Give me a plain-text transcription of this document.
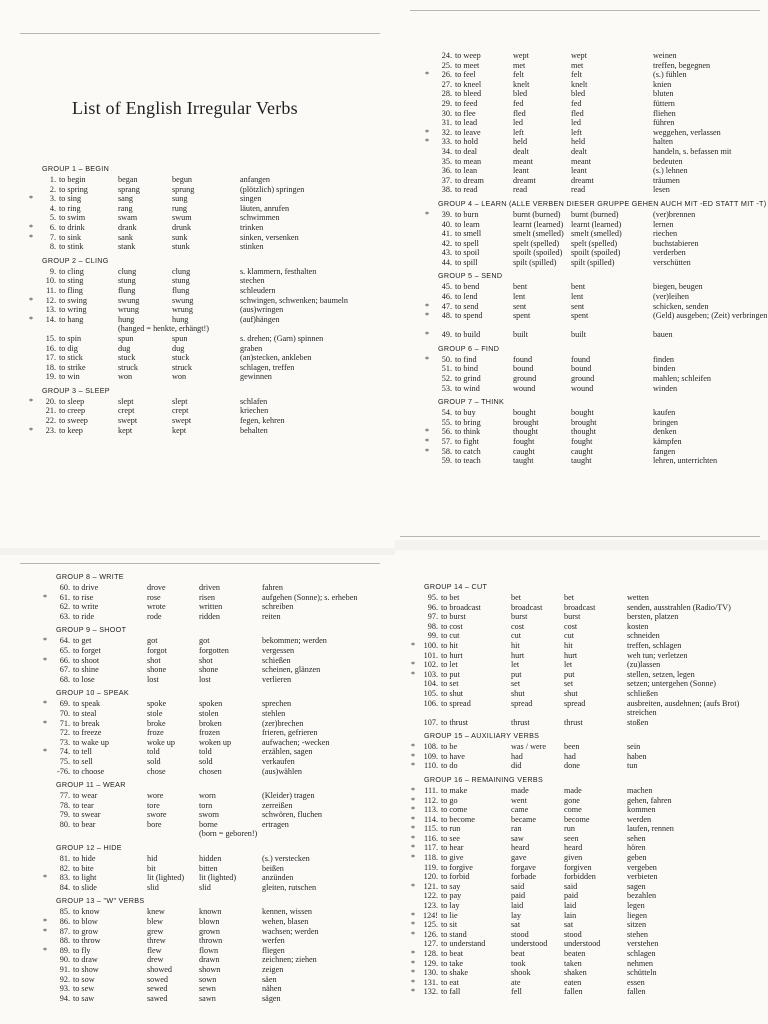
List of English Irregular Verbs
GROUP 1 – BEGIN
1. to begin	began	begun	anfangen
2. to spring	sprang	sprung	(plötzlich) springen
*	3. to sing	sang	sung	singen
4. to ring	rang	rung	läuten, anrufen
5. to swim	swam	swum	schwimmen
*	6. to drink	drank	drunk	trinken
*	7. to sink	sank	sunk	sinken, versenken
8. to stink	stank	stunk	stinken
GROUP 2 – CLING
9. to cling	clung	clung	s. klammern, festhalten
10. to sting	stung	stung	stechen
11. to fling	flung	flung	schleudern
*	12. to swing	swung	swung	schwingen, schwenken; baumeln
13. to wring	wrung	wrung	(aus)wringen
*	14. to hang	hung	hung	(auf)hängen
(hanged = henkte, erhängt!)
15. to spin	spun	spun	s. drehen; (Garn) spinnen
16. to dig	dug	dug	graben
17. to stick	stuck	stuck	(an)stecken, ankleben
18. to strike	struck	struck	schlagen, treffen
19. to win	won	won	gewinnen
GROUP 3 – SLEEP
*	20. to sleep	slept	slept	schlafen
21. to creep	crept	crept	kriechen
22. to sweep	swept	swept	fegen, kehren
*	23. to keep	kept	kept	behalten
24. to weep	wept	wept	weinen
25. to meet	met	met	treffen, begegnen
*	26. to feel	felt	felt	(s.) fühlen
27. to kneel	knelt	knelt	knien
28. to bleed	bled	bled	bluten
29. to feed	fed	fed	füttern
30. to flee	fled	fled	fliehen
31. to lead	led	led	führen
*	32. to leave	left	left	weggehen, verlassen
*	33. to hold	held	held	halten
34. to deal	dealt	dealt	handeln, s. befassen mit
35. to mean	meant	meant	bedeuten
36. to lean	leant	leant	(s.) lehnen
37. to dream	dreamt	dreamt	träumen
38. to read	read	read	lesen
GROUP 4 – LEARN (ALLE VERBEN DIESER GRUPPE GEHEN AUCH MIT -ED STATT MIT -T)
*	39. to burn	burnt (burned) burnt (burned)	(ver)brennen
40. to learn	learnt (learned) learnt (learned)	lernen
41. to smell	smelt (smelled) smelt (smelled)	riechen
42. to spell	spelt (spelled) spelt (spelled)	buchstabieren
43. to spoil	spoilt (spoiled) spoilt (spoiled)	verderben
44. to spill	spilt (spilled) spilt (spilled)	verschütten
GROUP 5 – SEND
45. to bend	bent	bent	biegen, beugen
46. to lend	lent	lent	(ver)leihen
*	47. to send	sent	sent	schicken, senden
*	48. to spend	spent	spent	(Geld) ausgeben; (Zeit) verbringen
*	49. to build	built	built	bauen
GROUP 6 – FIND
*	50. to find	found	found	finden
51. to bind	bound	bound	binden
52. to grind	ground	ground	mahlen; schleifen
53. to wind	wound	wound	winden
GROUP 7 – THINK
54. to buy	bought	bought	kaufen
55. to bring	brought	brought	bringen
*	56. to think	thought	thought	denken
*	57. to fight	fought	fought	kämpfen
*	58. to catch	caught	caught	fangen
59. to teach	taught	taught	lehren, unterrichten
GROUP 8 – WRITE
60. to drive	drove	driven	fahren
*	61. to rise	rose	risen	aufgehen (Sonne); s. erheben
62. to write	wrote	written	schreiben
63. to ride	rode	ridden	reiten
GROUP 9 – SHOOT
*	64. to get	got	got	bekommen; werden
65. to forget	forgot	forgotten	vergessen
*	66. to shoot	shot	shot	schießen
67. to shine	shone	shone	scheinen, glänzen
68. to lose	lost	lost	verlieren
GROUP 10 – SPEAK
*	69. to speak	spoke	spoken	sprechen
70. to steal	stole	stolen	stehlen
*	71. to break	broke	broken	(zer)brechen
72. to freeze	froze	frozen	frieren, gefrieren
73. to wake up	woke up	woken up	aufwachen; -wecken
*	74. to tell	told	told	erzählen, sagen
75. to sell	sold	sold	verkaufen
-76. to choose	chose	chosen	(aus)wählen
GROUP 11 – WEAR
77. to wear	wore	worn	(Kleider) tragen
78. to tear	tore	torn	zerreißen
79. to swear	swore	sworn	schwören, fluchen
80. to bear	bore	borne	ertragen
(born = geboren!)
GROUP 12 – HIDE
81. to hide	hid	hidden	(s.) verstecken
82. to bite	bit	bitten	beißen
*	83. to light	lit (lighted) lit (lighted)	anzünden
84. to slide	slid	slid	gleiten, rutschen
GROUP 13 – "W" VERBS
85. to know	knew	known	kennen, wissen
*	86. to blow	blew	blown	wehen, blasen
*	87. to grow	grew	grown	wachsen; werden
88. to throw	threw	thrown	werfen
*	89. to fly	flew	flown	fliegen
90. to draw	drew	drawn	zeichnen; ziehen
91. to show	showed	shown	zeigen
92. to sow	sowed	sown	säen
93. to sew	sewed	sewn	nähen
94. to saw	sawed	sawn	sägen
GROUP 14 – CUT
95. to bet	bet	bet	wetten
96. to broadcast	broadcast	broadcast	senden, ausstrahlen (Radio/TV)
97. to burst	burst	burst	bersten, platzen
98. to cost	cost	cost	kosten
99. to cut	cut	cut	schneiden
*	100. to hit	hit	hit	treffen, schlagen
101. to hurt	hurt	hurt	weh tun; verletzen
*	102. to let	let	let	(zu)lassen
*	103. to put	put	put	stellen, setzen, legen
104. to set	set	set	setzen; untergehen (Sonne)
105. to shut	shut	shut	schließen
106. to spread	spread	spread	ausbreiten, ausdehnen; (aufs Brot) streichen
107. to thrust	thrust	thrust	stoßen
GROUP 15 – AUXILIARY VERBS
*	108. to be	was / were been	sein
*	109. to have	had	had	haben
*	110. to do	did	done	tun
GROUP 16 – REMAINING VERBS
*	111. to make	made	made	machen
*	112. to go	went	gone	gehen, fahren
*	113. to come	came	come	kommen
*	114. to become	became	become	werden
*	115. to run	ran	run	laufen, rennen
*	116. to see	saw	seen	sehen
*	117. to hear	heard	heard	hören
*	118. to give	gave	given	geben
119. to forgive	forgave	forgiven	vergeben
120. to forbid	forbade	forbidden	verbieten
*	121. to say	said	said	sagen
122. to pay	paid	paid	bezahlen
123. to lay	laid	laid	legen
* 124! to lie	lay	lain	liegen
*	125. to sit	sat	sat	sitzen
*	126. to stand	stood	stood	stehen
127. to understand	understood understood	verstehen
*	128. to beat	beat	beaten	schlagen
*	129. to take	took	taken	nehmen
*	130. to shake	shook	shaken	schütteln
*	131. to eat	ate	eaten	essen
*	132. to fall	fell	fallen	fallen
